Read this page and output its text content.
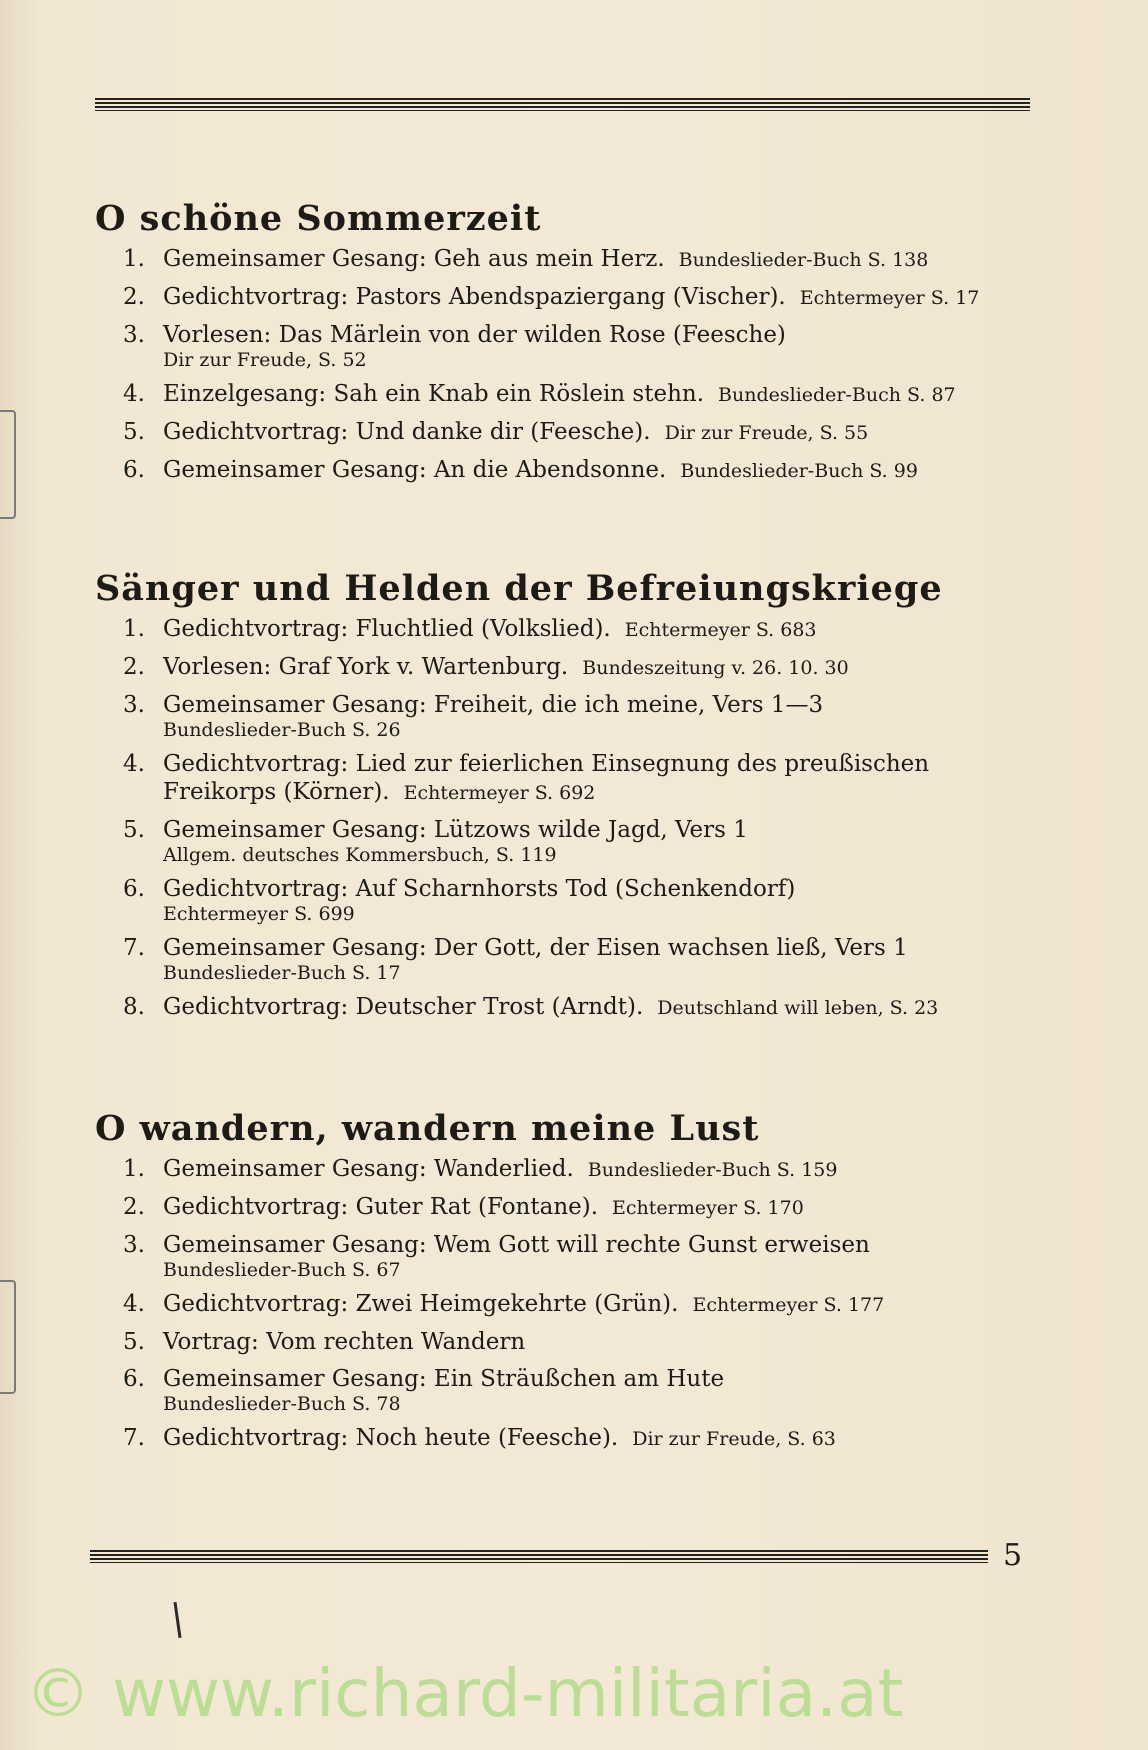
O schöne Sommerzeit
1. Gemeinsamer Gesang: Geh aus mein Herz. Bundeslieder-Buch S. 138
2. Gedichtvortrag: Pastors Abendspaziergang (Vischer). Echtermeyer S. 17
3. Vorlesen: Das Märlein von der wilden Rose (Feesche)
Dir zur Freude, S. 52
4. Einzelgesang: Sah ein Knab ein Röslein stehn. Bundeslieder-Buch S. 87
5. Gedichtvortrag: Und danke dir (Feesche). Dir zur Freude, S. 55
6. Gemeinsamer Gesang: An die Abendsonne. Bundeslieder-Buch S. 99
Sänger und Helden der Befreiungskriege
1. Gedichtvortrag: Fluchtlied (Volkslied). Echtermeyer S. 683
2. Vorlesen: Graf York v. Wartenburg. Bundeszeitung v. 26. 10. 30
3. Gemeinsamer Gesang: Freiheit, die ich meine, Vers 1—3
Bundeslieder-Buch S. 26
4. Gedichtvortrag: Lied zur feierlichen Einsegnung des preußischen Freikorps (Körner). Echtermeyer S. 692
5. Gemeinsamer Gesang: Lützows wilde Jagd, Vers 1
Allgem. deutsches Kommersbuch, S. 119
6. Gedichtvortrag: Auf Scharnhorsts Tod (Schenkendorf)
Echtermeyer S. 699
7. Gemeinsamer Gesang: Der Gott, der Eisen wachsen ließ, Vers 1
Bundeslieder-Buch S. 17
8. Gedichtvortrag: Deutscher Trost (Arndt). Deutschland will leben, S. 23
O wandern, wandern meine Lust
1. Gemeinsamer Gesang: Wanderlied. Bundeslieder-Buch S. 159
2. Gedichtvortrag: Guter Rat (Fontane). Echtermeyer S. 170
3. Gemeinsamer Gesang: Wem Gott will rechte Gunst erweisen
Bundeslieder-Buch S. 67
4. Gedichtvortrag: Zwei Heimgekehrte (Grün). Echtermeyer S. 177
5. Vortrag: Vom rechten Wandern
6. Gemeinsamer Gesang: Ein Sträußchen am Hute
Bundeslieder-Buch S. 78
7. Gedichtvortrag: Noch heute (Feesche). Dir zur Freude, S. 63
5
© www.richard-militaria.at
